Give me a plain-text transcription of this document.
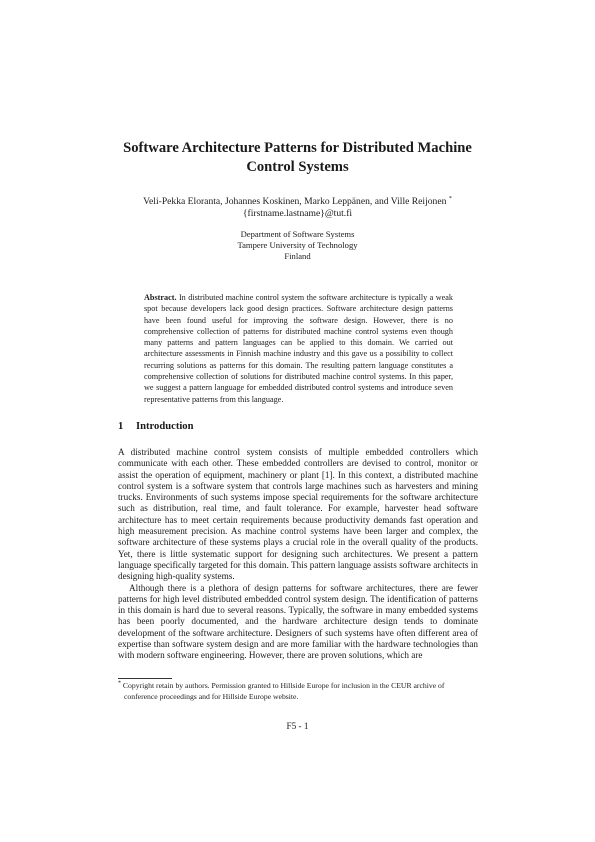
Software Architecture Patterns for Distributed Machine
Control Systems
Veli-Pekka Eloranta, Johannes Koskinen, Marko Leppänen, and Ville Reijonen *
{firstname.lastname}@tut.fi
Department of Software Systems
Tampere University of Technology
Finland
Abstract. In distributed machine control system the software architecture is typically a weak spot because developers lack good design practices. Software architecture design patterns have been found useful for improving the software design. However, there is no comprehensive collection of patterns for distributed machine control systems even though many patterns and pattern languages can be applied to this domain. We carried out architecture assessments in Finnish machine industry and this gave us a possibility to collect recurring solutions as patterns for this domain. The resulting pattern language constitutes a comprehensive collection of solutions for distributed machine control systems. In this paper, we suggest a pattern language for embedded distributed control systems and introduce seven representative patterns from this language.
1 Introduction

A distributed machine control system consists of multiple embedded controllers which communicate with each other. These embedded controllers are devised to control, monitor or assist the operation of equipment, machinery or plant [1]. In this context, a distributed machine control system is a software system that controls large machines such as harvesters and mining trucks. Environments of such systems impose special requirements for the software architecture such as distribution, real time, and fault tolerance. For example, harvester head software architecture has to meet certain requirements because productivity demands fast operation and high measurement precision. As machine control systems have been larger and complex, the software architecture of these systems plays a crucial role in the overall quality of the products. Yet, there is little systematic support for designing such architectures. We present a pattern language specifically targeted for this domain. This pattern language assists software architects in designing high-quality systems.

Although there is a plethora of design patterns for software architectures, there are fewer patterns for high level distributed embedded control system design. The identification of patterns in this domain is hard due to several reasons. Typically, the software in many embedded systems has been poorly documented, and the hardware architecture design tends to dominate development of the software architecture. Designers of such systems have often different area of expertise than software system design and are more familiar with the hardware technologies than with modern software engineering. However, there are proven solutions, which are

* Copyright retain by authors. Permission granted to Hillside Europe for inclusion in the CEUR archive of conference proceedings and for Hillside Europe website.
F5 - 1
